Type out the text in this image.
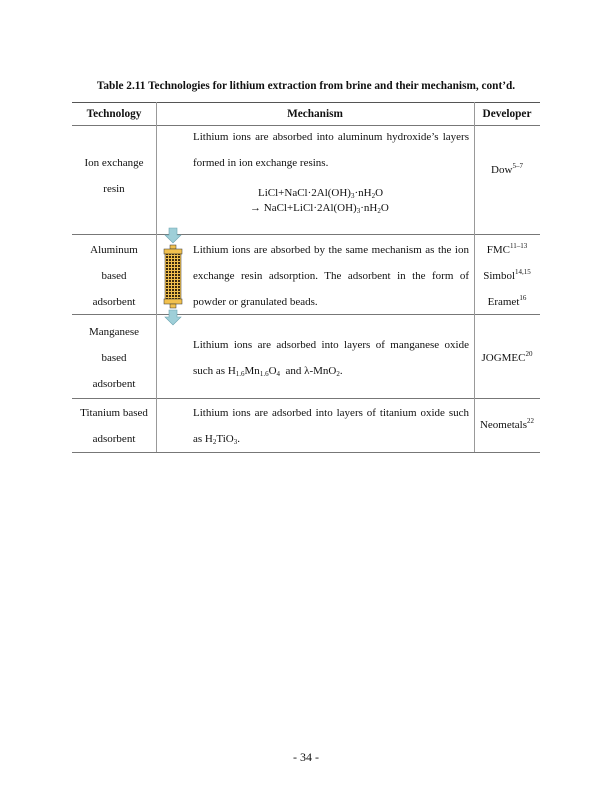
Table 2.11 Technologies for lithium extraction from brine and their mechanism, cont’d.
Technology	Mechanism	Developer
Ion exchange
resin
Lithium ions are absorbed into aluminum hydroxide’s layers formed in ion exchange resins.
$LiCl+NaCl\cdot 2Al(OH)_3\cdot nH_2O$
→ $NaCl+LiCl\cdot 2Al(OH)_3\cdot nH_2O$
Dow$^{5-7}$
Aluminum
based
adsorbent
Lithium ions are absorbed by the same mechanism as the ion exchange resin adsorption. The adsorbent in the form of powder or granulated beads.
FMC$^{11-13}$
Simbol$^{14,15}$
Eramet$^{16}$
Manganese
based
adsorbent
Lithium ions are adsorbed into layers of manganese oxide such as $H_{1.6}Mn_{1.6}O_4$  and λ-MnO$_2$.
JOGMEC$^{20}$
Titanium based
adsorbent
Lithium ions are adsorbed into layers of titanium oxide such as $H_2TiO_3$.
Neometals$^{22}$
- 34 -
